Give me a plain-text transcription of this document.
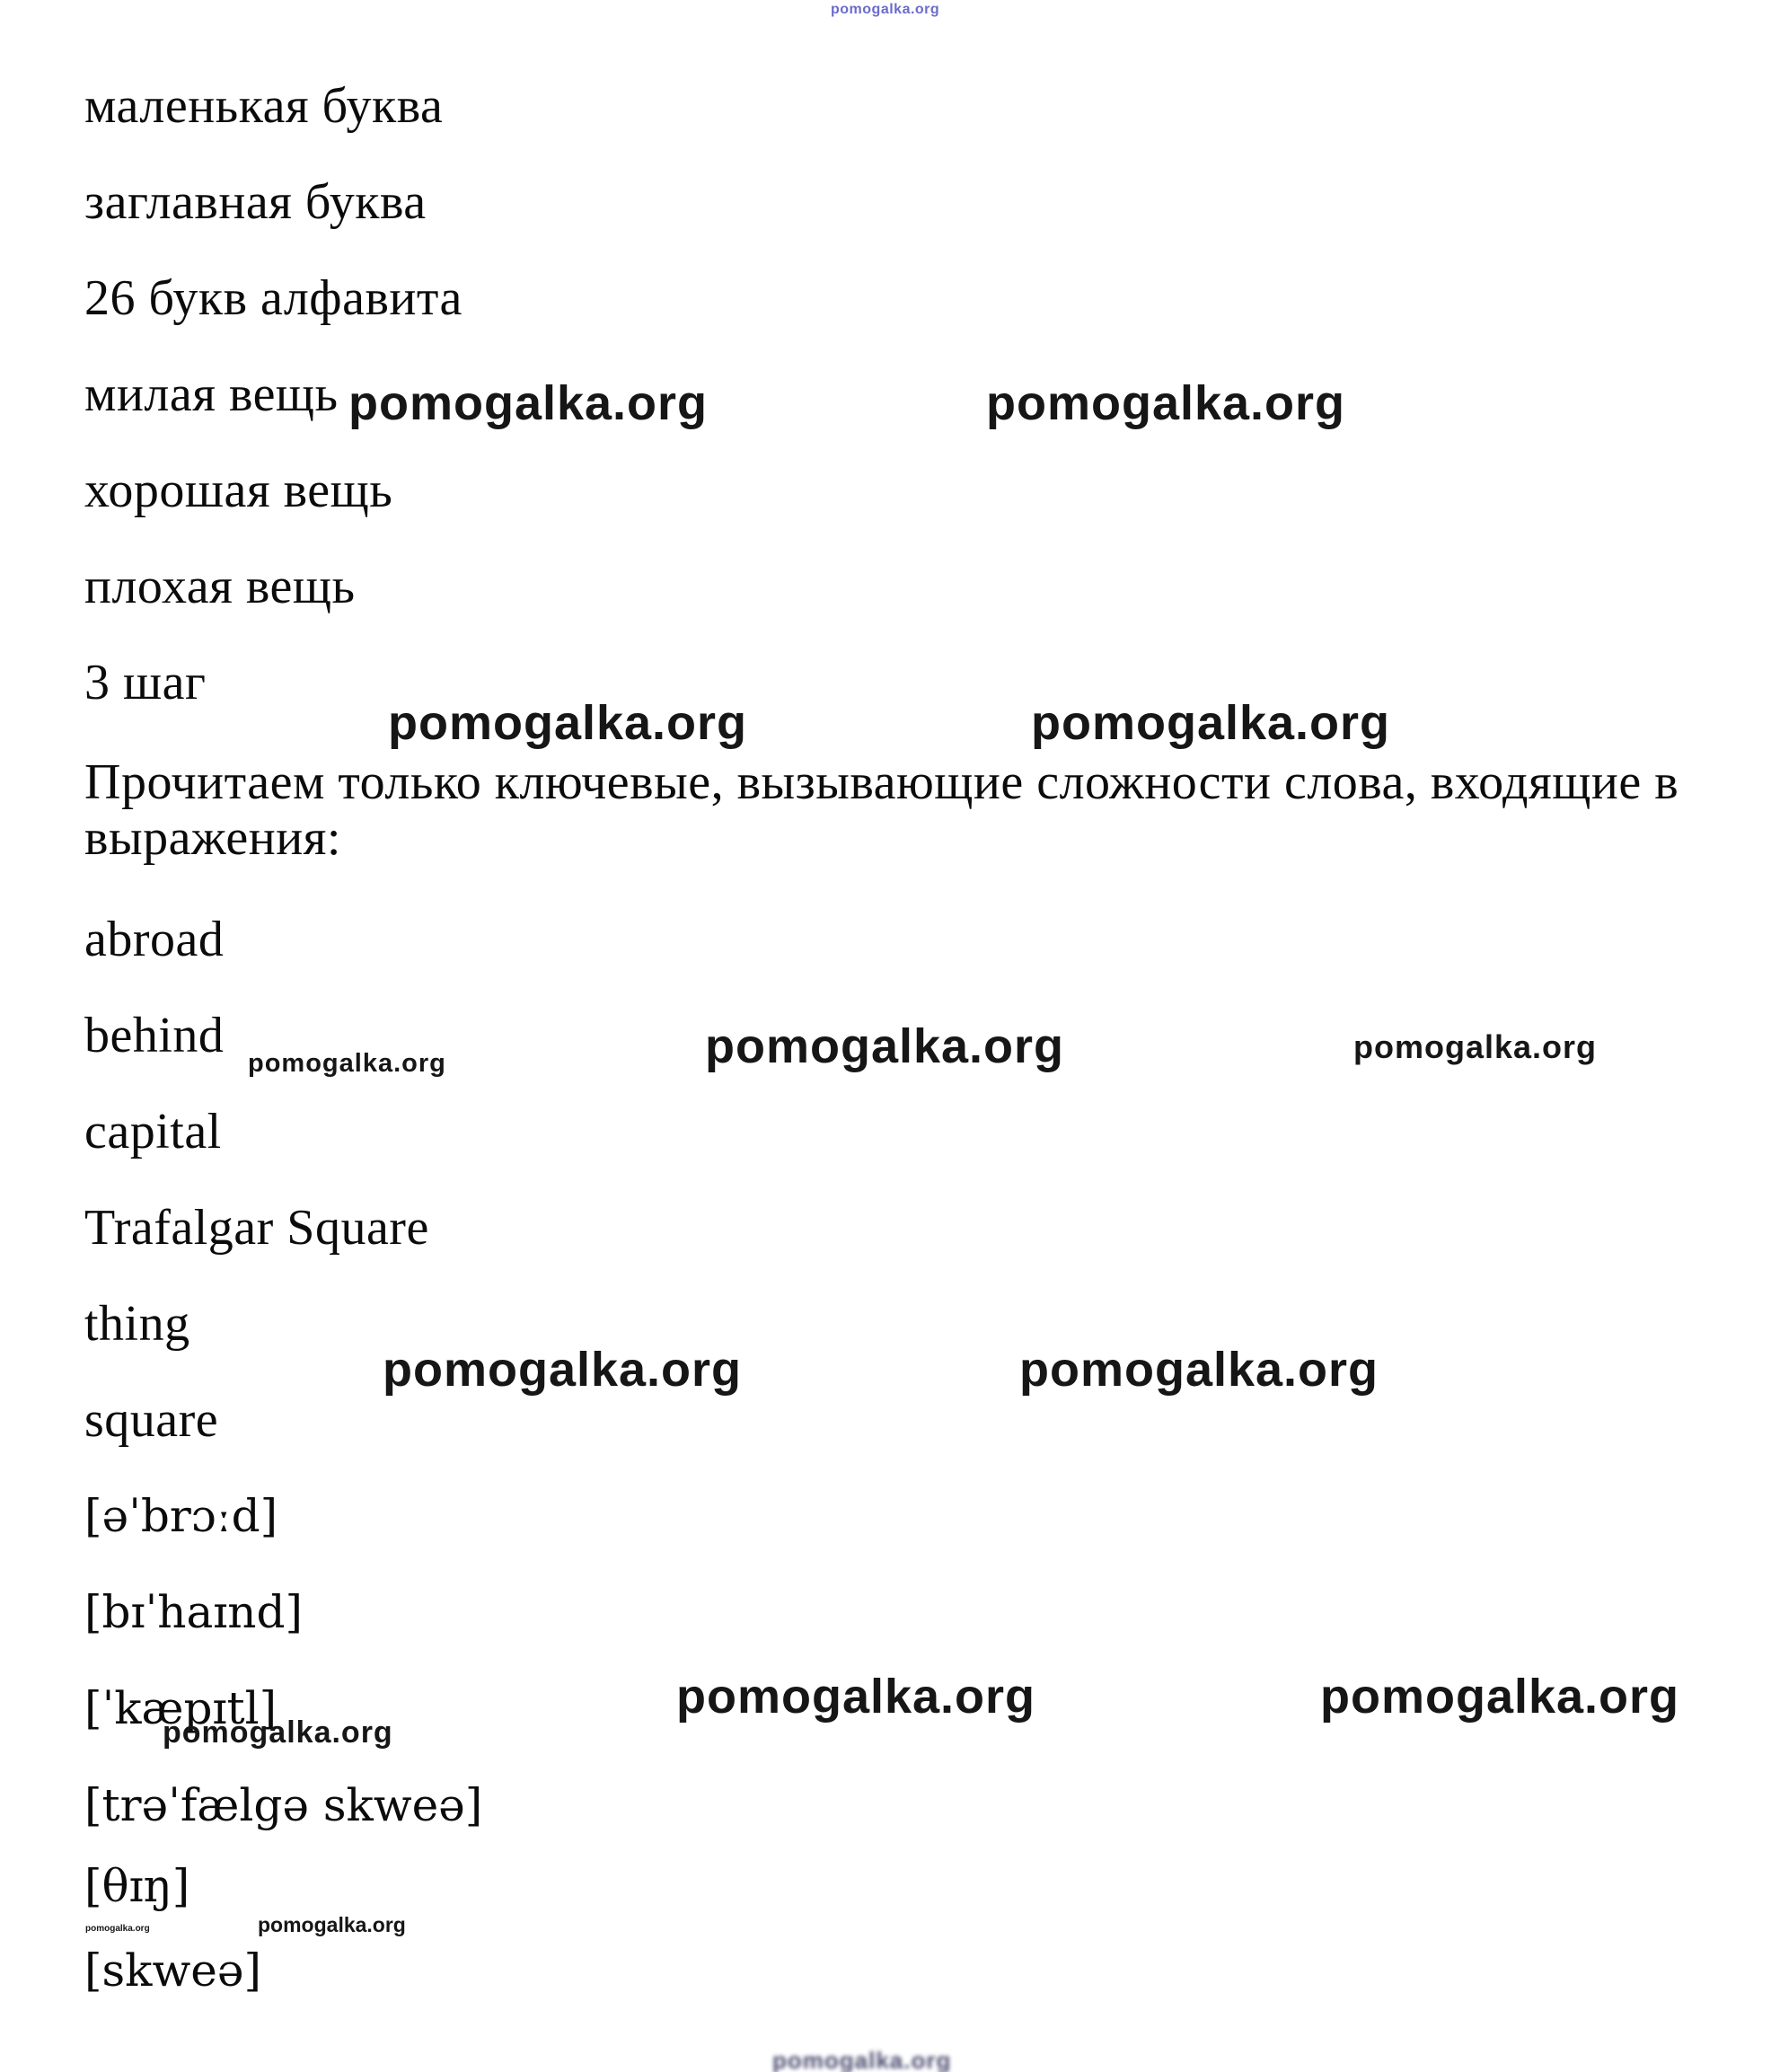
pomogalka.org
маленькая буква
заглавная буква
26 букв алфавита
милая вещь
хорошая вещь
плохая вещь
3 шаг
pomogalka.org	pomogalka.org
pomogalka.org	pomogalka.org
Прочитаем только ключевые, вызывающие сложности слова, входящие в
выражения:
abroad
behind
capital
Trafalgar Square
thing
square
pomogalka.org	pomogalka.org	pomogalka.org
pomogalka.org	pomogalka.org
[əˈbrɔːd]
[bɪˈhaɪnd]
[ˈkæpɪtl]
[trəˈfælgə skweə]
[θɪŋ]
[skweə]
pomogalka.org	pomogalka.org
pomogalka.org
pomogalka.org	pomogalka.org
pomogalka.org
